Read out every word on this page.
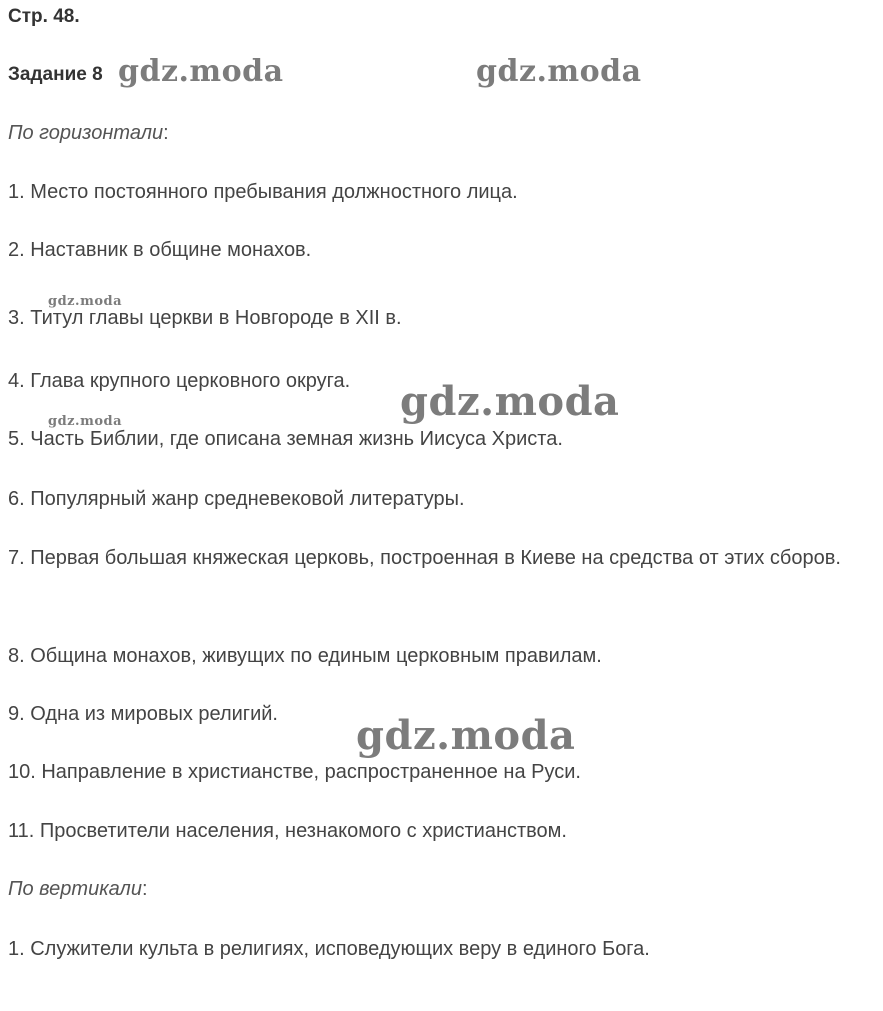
Стр. 48.
Задание 8
По горизонтали:
1. Место постоянного пребывания должностного лица.
2. Наставник в общине монахов.
3. Титул главы церкви в Новгороде в XII в.
4. Глава крупного церковного округа.
5. Часть Библии, где описана земная жизнь Иисуса Христа.
6. Популярный жанр средневековой литературы.
7. Первая большая княжеская церковь, построенная в Киеве на средства от этих сборов.
8. Община монахов, живущих по единым церковным правилам.
9. Одна из мировых религий.
10. Направление в христианстве, распространенное на Руси.
11. Просветители населения, незнакомого с христианством.
По вертикали:
1. Служители культа в религиях, исповедующих веру в единого Бога.
gdz.moda	gdz.moda
gdz.moda
gdz.moda
gdz.moda
gdz.moda
